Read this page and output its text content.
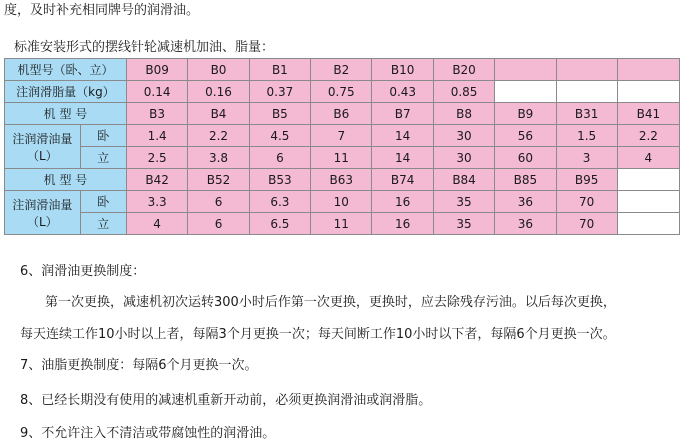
度，及时补充相同牌号的润滑油。
标准安装形式的摆线针轮减速机加油、脂量：
机型号（卧、立）		B09	B0	B1	B2	B10	B20			
注润滑脂量（kg）		0.14	0.16	0.37	0.75	0.43	0.85			
机 型 号		B3	B4	B5	B6	B7	B8	B9	B31	B41

注润滑油量
（L）	卧	1.4	2.2	4.5	7	14	30	56	1.5	2.2
	立	2.5	3.8	6	11	14	30	60	3	4
机 型 号		B42	B52	B53	B63	B74	B84	B85	B95	

注润滑油量
（L）	卧	3.3	6	6.3	10	16	35	36	70	
	立	4	6	6.5	11	16	35	36	70	
6、润滑油更换制度：
第一次更换，减速机初次运转300小时后作第一次更换，更换时，应去除残存污油。以后每次更换，
每天连续工作10小时以上者，每隔3个月更换一次；每天间断工作10小时以下者，每隔6个月更换一次。
7、油脂更换制度：每隔6个月更换一次。
8、已经长期没有使用的减速机重新开动前，必须更换润滑油或润滑脂。
9、不允许注入不清洁或带腐蚀性的润滑油。
